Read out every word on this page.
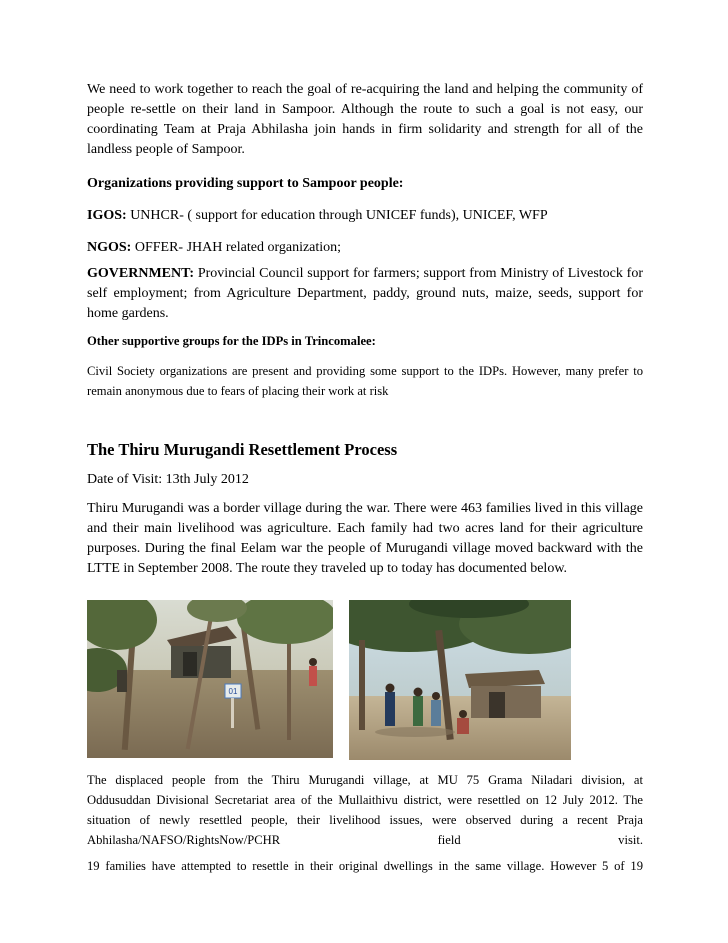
We need to work together to reach the goal of re-acquiring the land and helping the community of people re-settle on their land in Sampoor. Although the route to such a goal is not easy, our coordinating Team at Praja Abhilasha join hands in firm solidarity and strength for all of the landless people of Sampoor.

Organizations providing support to Sampoor people:

IGOS: UNHCR- ( support for education through UNICEF funds), UNICEF, WFP

NGOS: OFFER- JHAH related organization;

GOVERNMENT: Provincial Council support for farmers; support from Ministry of Livestock for self employment; from Agriculture Department, paddy, ground nuts, maize, seeds, support for home gardens.

Other supportive groups for the IDPs in Trincomalee:

Civil Society organizations are present and providing some support to the IDPs. However, many prefer to remain anonymous due to fears of placing their work at risk

The Thiru Murugandi Resettlement Process

Date of Visit: 13th July 2012

Thiru Murugandi was a border village during the war. There were 463 families lived in this village and their main livelihood was agriculture. Each family had two acres land for their agriculture purposes. During the final Eelam war the people of Murugandi village moved backward with the LTTE in September 2008. The route they traveled up to today has documented below.

01
The displaced people from the Thiru Murugandi village, at MU 75 Grama Niladari division, at
Oddusuddan Divisional Secretariat area of the Mullaithivu district, were resettled on 12 July 2012. The
situation of newly resettled people, their livelihood issues, were observed during a recent Praja
Abhilasha/NAFSO/RightsNow/PCHR field visit.

19 families have attempted to resettle in their original dwellings in the same village. However 5 of 19
